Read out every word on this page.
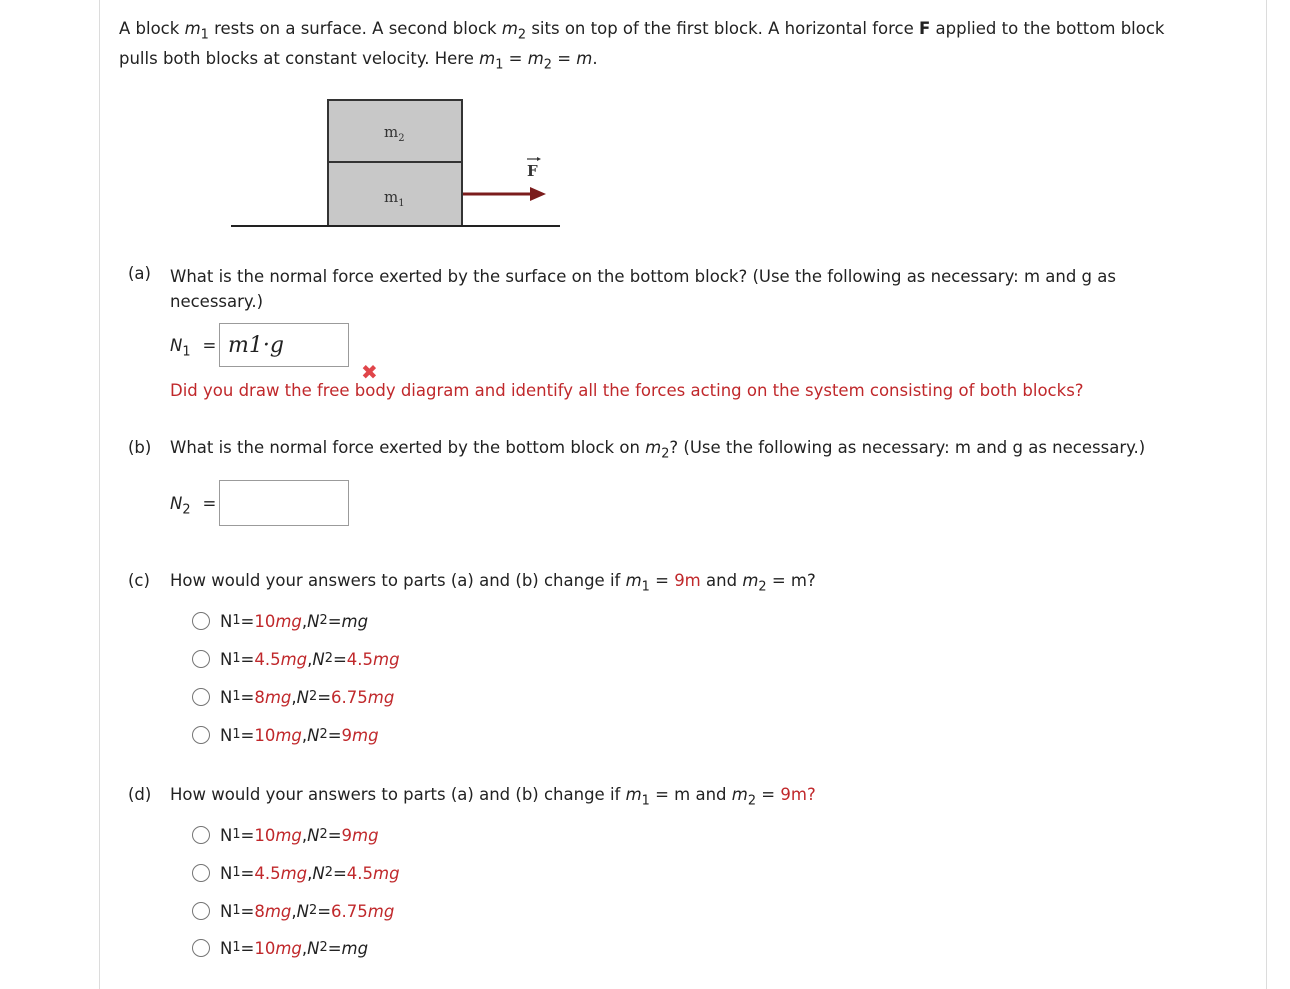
A block $m_1$ rests on a surface. A second block $m_2$ sits on top of the first block. A horizontal force F applied to the bottom block
pulls both blocks at constant velocity. Here $m_1 = m_2 = m$.
$m_2$
$m_1$
F
(a) What is the normal force exerted by the surface on the bottom block? (Use the following as necessary: m and g as
necessary.)
$N_1$ =
m1·g
✖
Did you draw the free body diagram and identify all the forces acting on the system consisting of both blocks?
(b) What is the normal force exerted by the bottom block on $m_2$? (Use the following as necessary: m and g as necessary.)
$N_2$ =
(c) How would your answers to parts (a) and (b) change if $m_1 = 9m$ and $m_2 = m$?
N 1 = 10 mg , N 2 = mg
N 1 = 4.5 mg , N 2 = 4.5 mg
N 1 = 8 mg , N 2 = 6.75 mg
N 1 = 10 mg , N 2 = 9 mg
(d) How would your answers to parts (a) and (b) change if $m_1 = m$ and $m_2 = 9m$?
N 1 = 10 mg , N 2 = 9 mg
N 1 = 4.5 mg , N 2 = 4.5 mg
N 1 = 8 mg , N 2 = 6.75 mg
N 1 = 10 mg , N 2 = mg
